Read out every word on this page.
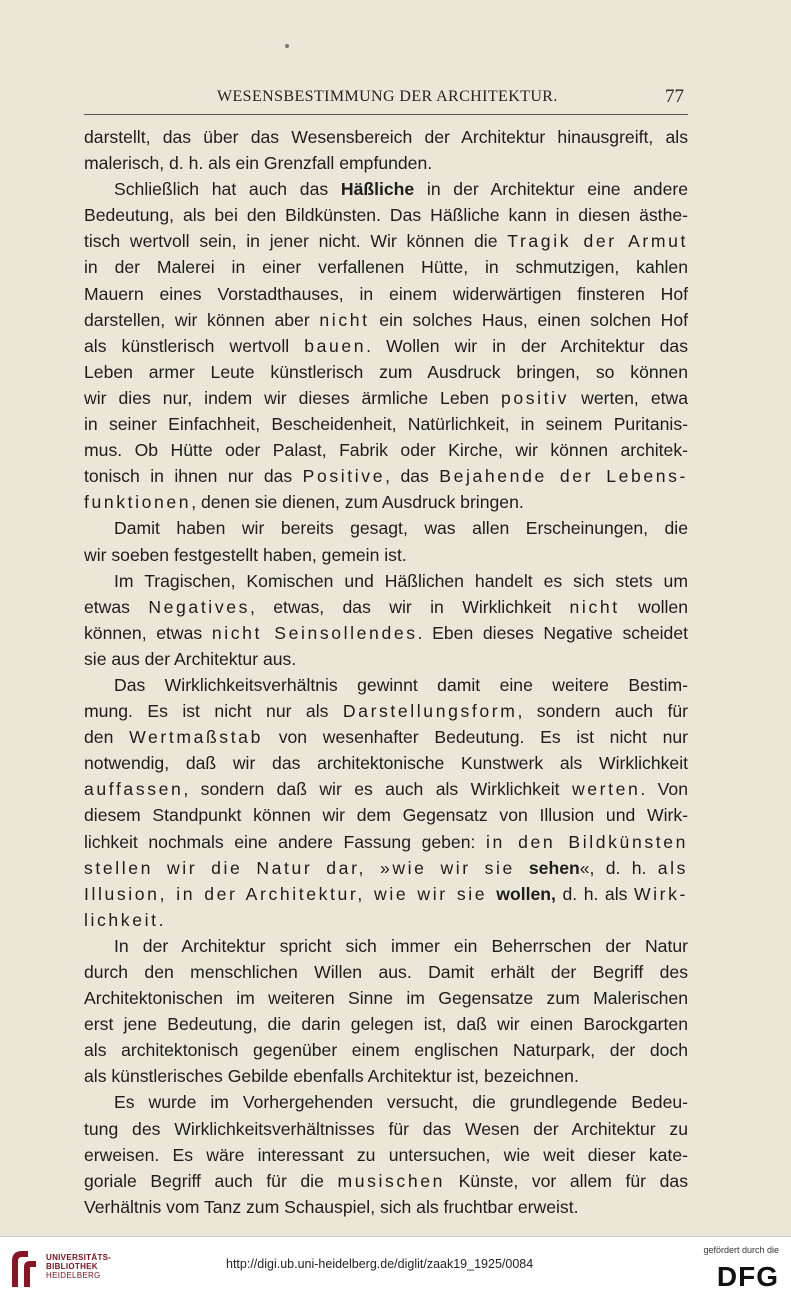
WESENSBESTIMMUNG DER ARCHITEKTUR.	77
darstellt, das über das Wesensbereich der Architektur hinausgreift, als
malerisch, d. h. als ein Grenzfall empfunden.
Schließlich hat auch das Häßliche in der Architektur eine andere
Bedeutung, als bei den Bildkünsten. Das Häßliche kann in diesen ästhe-
tisch wertvoll sein, in jener nicht. Wir können die Tragik der Armut
in der Malerei in einer verfallenen Hütte, in schmutzigen, kahlen
Mauern eines Vorstadthauses, in einem widerwärtigen finsteren Hof
darstellen, wir können aber nicht ein solches Haus, einen solchen Hof
als künstlerisch wertvoll bauen. Wollen wir in der Architektur das
Leben armer Leute künstlerisch zum Ausdruck bringen, so können
wir dies nur, indem wir dieses ärmliche Leben positiv werten, etwa
in seiner Einfachheit, Bescheidenheit, Natürlichkeit, in seinem Puritanis-
mus. Ob Hütte oder Palast, Fabrik oder Kirche, wir können architek-
tonisch in ihnen nur das Positive, das Bejahende der Lebens-
funktionen, denen sie dienen, zum Ausdruck bringen.
Damit haben wir bereits gesagt, was allen Erscheinungen, die
wir soeben festgestellt haben, gemein ist.
Im Tragischen, Komischen und Häßlichen handelt es sich stets um
etwas Negatives, etwas, das wir in Wirklichkeit nicht wollen
können, etwas nicht Seinsollendes. Eben dieses Negative scheidet
sie aus der Architektur aus.
Das Wirklichkeitsverhältnis gewinnt damit eine weitere Bestim-
mung. Es ist nicht nur als Darstellungsform, sondern auch für
den Wertmaßstab von wesenhafter Bedeutung. Es ist nicht nur
notwendig, daß wir das architektonische Kunstwerk als Wirklichkeit
auffassen, sondern daß wir es auch als Wirklichkeit werten. Von
diesem Standpunkt können wir dem Gegensatz von Illusion und Wirk-
lichkeit nochmals eine andere Fassung geben: in den Bildkünsten
stellen wir die Natur dar, »wie wir sie sehen«, d. h. als
Illusion, in der Architektur, wie wir sie wollen, d. h. als Wirk-
lichkeit.
In der Architektur spricht sich immer ein Beherrschen der Natur
durch den menschlichen Willen aus. Damit erhält der Begriff des
Architektonischen im weiteren Sinne im Gegensatze zum Malerischen
erst jene Bedeutung, die darin gelegen ist, daß wir einen Barockgarten
als architektonisch gegenüber einem englischen Naturpark, der doch
als künstlerisches Gebilde ebenfalls Architektur ist, bezeichnen.
Es wurde im Vorhergehenden versucht, die grundlegende Bedeu-
tung des Wirklichkeitsverhältnisses für das Wesen der Architektur zu
erweisen. Es wäre interessant zu untersuchen, wie weit dieser kate-
goriale Begriff auch für die musischen Künste, vor allem für das
Verhältnis vom Tanz zum Schauspiel, sich als fruchtbar erweist.
UNIVERSITÄTS-
BIBLIOTHEK
HEIDELBERG
http://digi.ub.uni-heidelberg.de/diglit/zaak19_1925/0084
gefördert durch die
DFG
